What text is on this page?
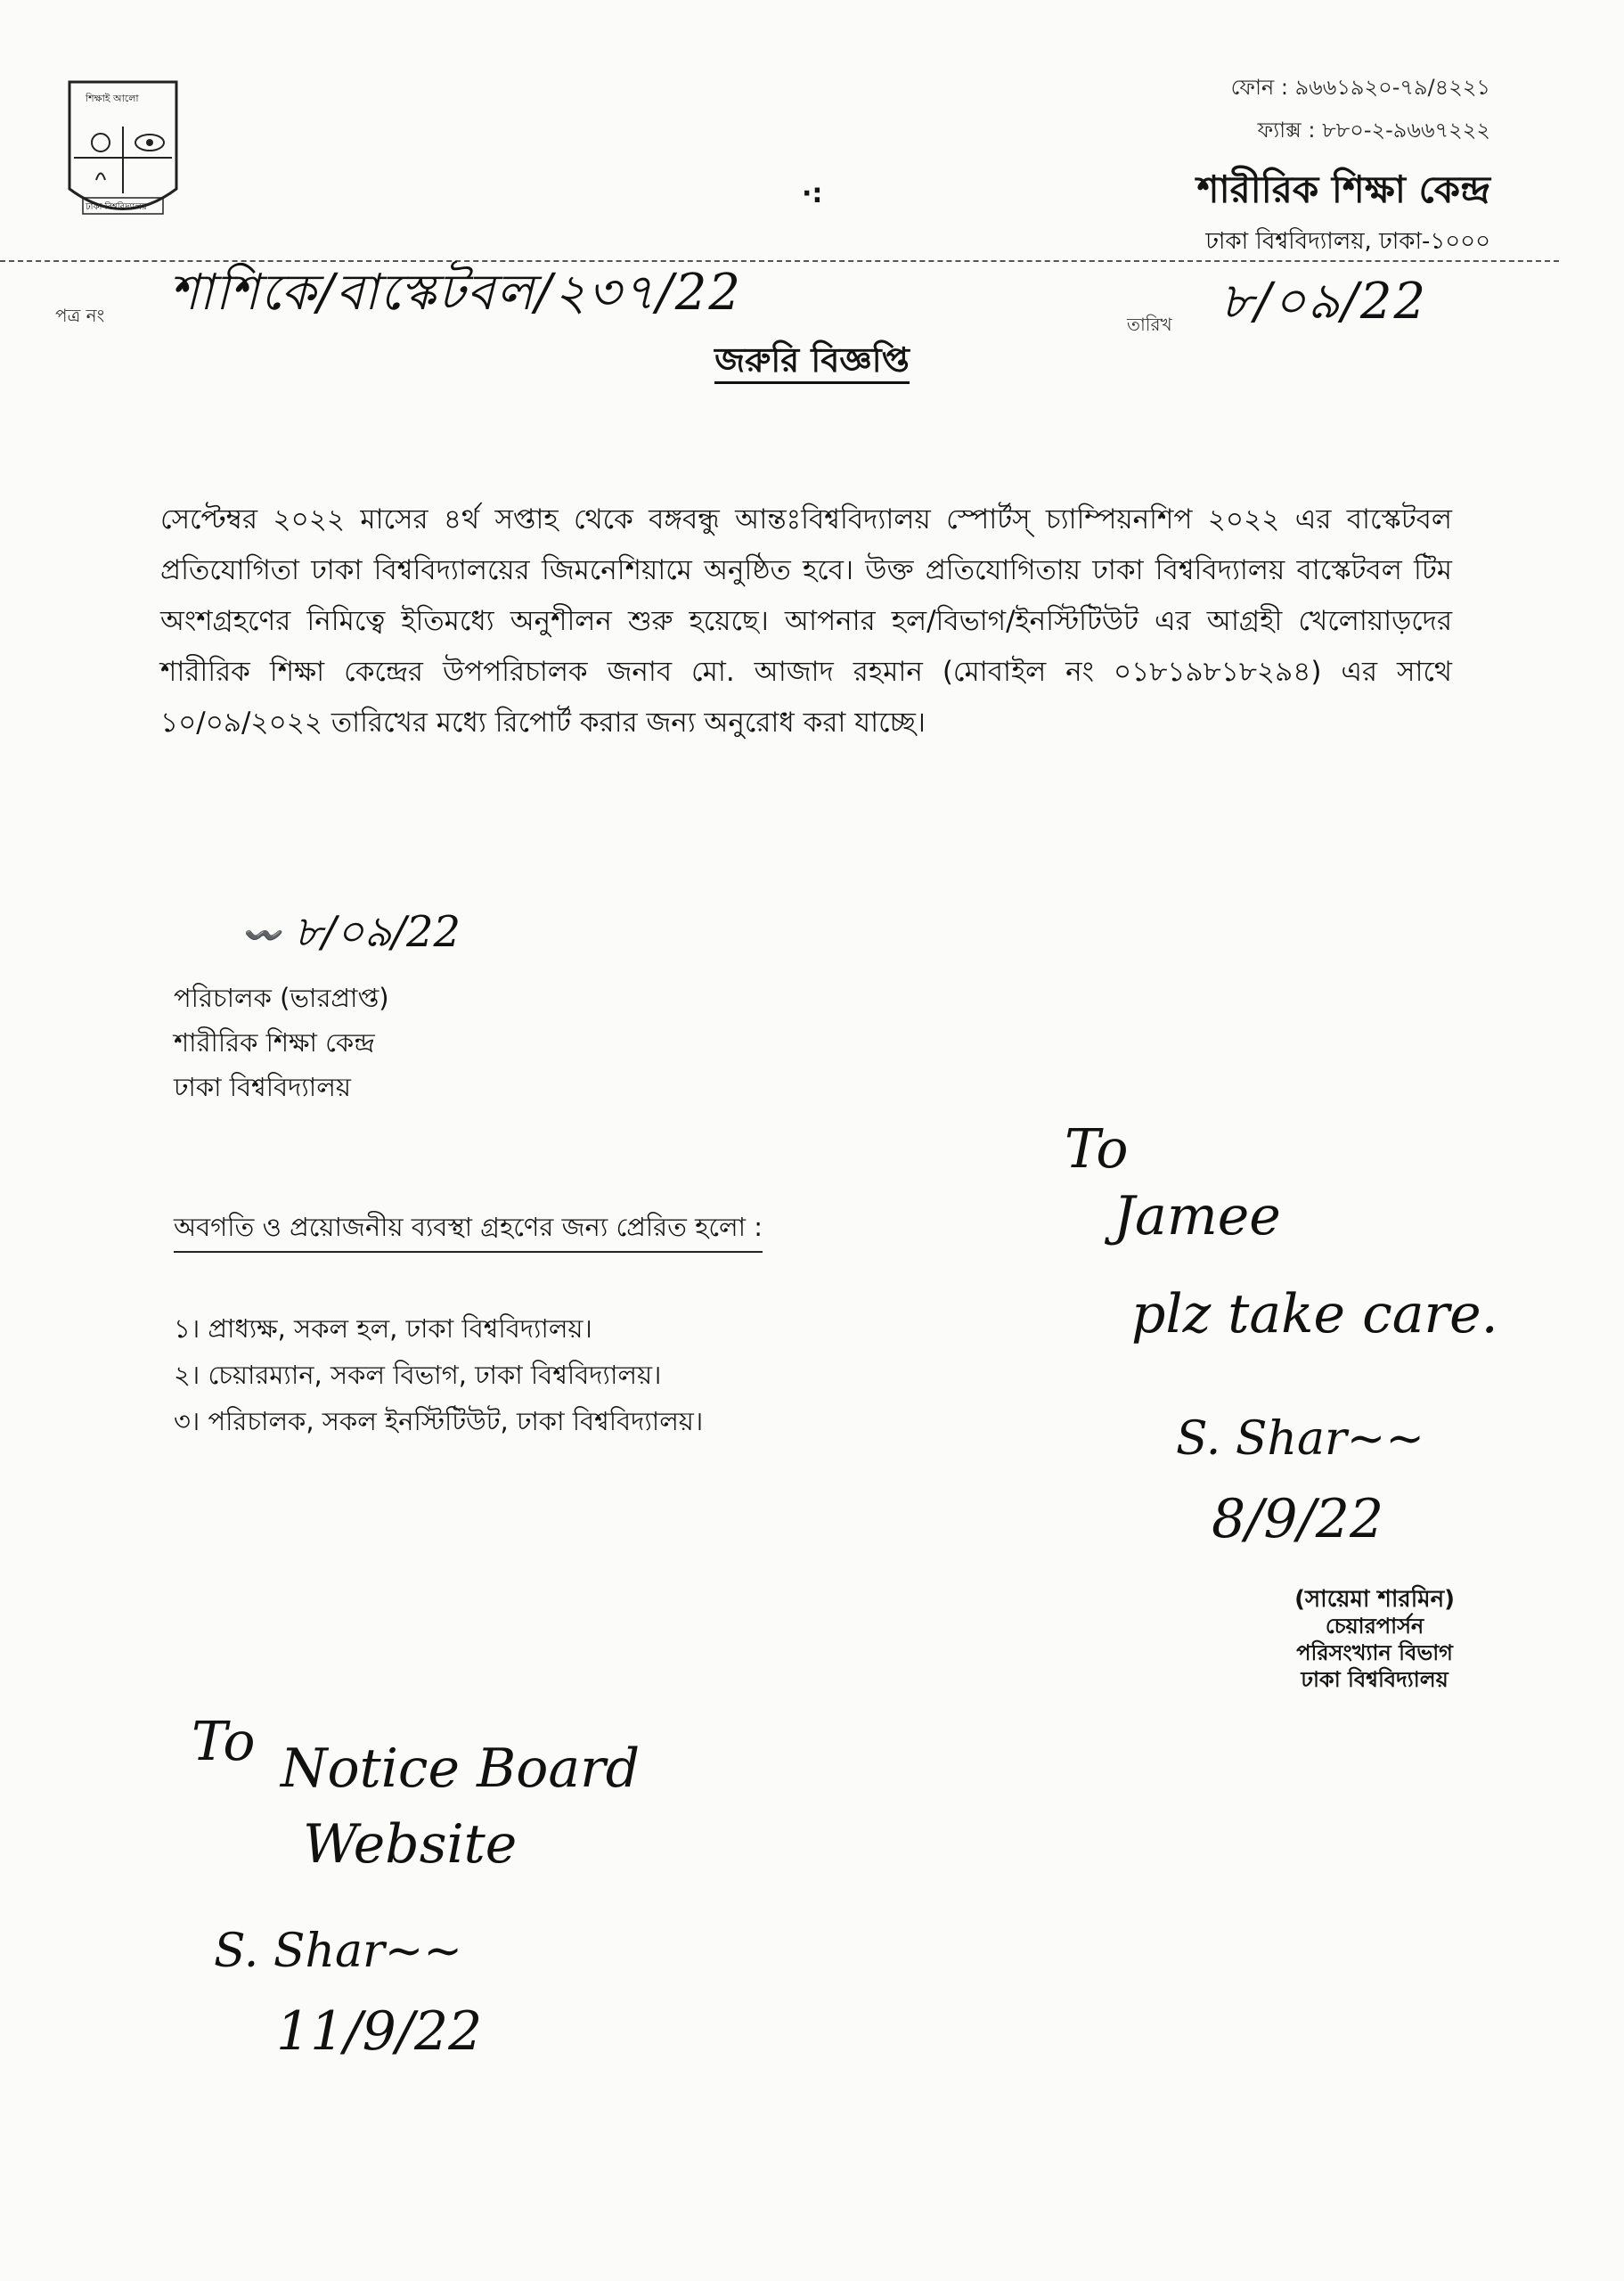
শিক্ষাই আলো
ঢাকা বিশ্ববিদ্যালয়
ফোন : ৯৬৬১৯২০-৭৯/৪২২১
ফ্যাক্স : ৮৮০-২-৯৬৬৭২২২
শারীরিক শিক্ষা কেন্দ্র
ঢাকা বিশ্ববিদ্যালয়, ঢাকা-১০০০
·:
পত্র নং শাশিকে/বাস্কেটবল/২৩৭/22
তারিখ ৮/০৯/22
জরুরি বিজ্ঞপ্তি
সেপ্টেম্বর ২০২২ মাসের ৪র্থ সপ্তাহ থেকে বঙ্গবন্ধু আন্তঃবিশ্ববিদ্যালয় স্পোর্টস্ চ্যাম্পিয়নশিপ ২০২২ এর বাস্কেটবল প্রতিযোগিতা ঢাকা বিশ্ববিদ্যালয়ের জিমনেশিয়ামে অনুষ্ঠিত হবে। উক্ত প্রতিযোগিতায় ঢাকা বিশ্ববিদ্যালয় বাস্কেটবল টিম অংশগ্রহণের নিমিত্বে ইতিমধ্যে অনুশীলন শুরু হয়েছে। আপনার হল/বিভাগ/ইনস্টিটিউট এর আগ্রহী খেলোয়াড়দের শারীরিক শিক্ষা কেন্দ্রের উপপরিচালক জনাব মো. আজাদ রহমান (মোবাইল নং ০১৮১৯৮১৮২৯৪) এর সাথে ১০/০৯/২০২২ তারিখের মধ্যে রিপোর্ট করার জন্য অনুরোধ করা যাচ্ছে।
〰️ ৮/০৯/22
পরিচালক (ভারপ্রাপ্ত)
শারীরিক শিক্ষা কেন্দ্র
ঢাকা বিশ্ববিদ্যালয়
অবগতি ও প্রয়োজনীয় ব্যবস্থা গ্রহণের জন্য প্রেরিত হলো :
১। প্রাধ্যক্ষ, সকল হল, ঢাকা বিশ্ববিদ্যালয়।
২। চেয়ারম্যান, সকল বিভাগ, ঢাকা বিশ্ববিদ্যালয়।
৩। পরিচালক, সকল ইনস্টিটিউট, ঢাকা বিশ্ববিদ্যালয়।
To
Jamee
plz take care.
S. Shar~~
8/9/22
(সায়েমা শারমিন)
চেয়ারপার্সন
পরিসংখ্যান বিভাগ
ঢাকা বিশ্ববিদ্যালয়
To Notice Board
Website
S. Shar~~
11/9/22
